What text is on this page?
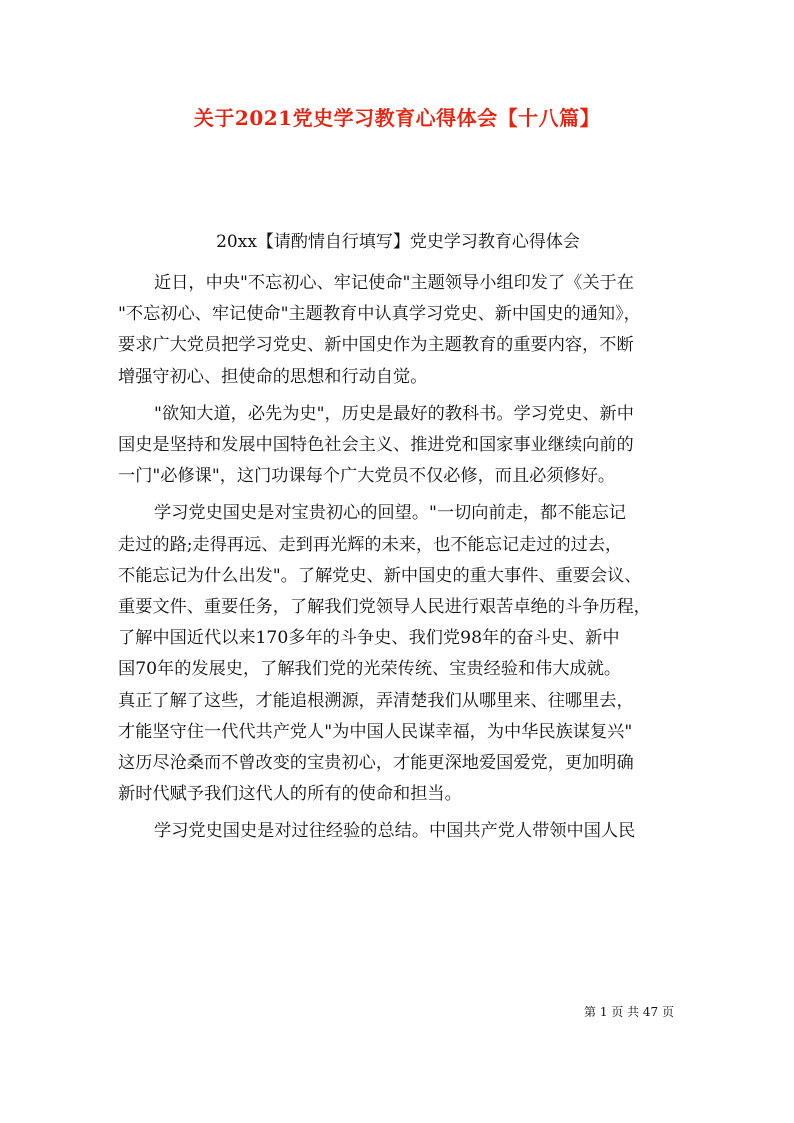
关于2021党史学习教育心得体会【十八篇】
20xx【请酌情自行填写】党史学习教育心得体会
近日，中央"不忘初心、牢记使命"主题领导小组印发了《关于在
"不忘初心、牢记使命"主题教育中认真学习党史、新中国史的通知》，
要求广大党员把学习党史、新中国史作为主题教育的重要内容，不断
增强守初心、担使命的思想和行动自觉。
"欲知大道，必先为史"，历史是最好的教科书。学习党史、新中
国史是坚持和发展中国特色社会主义、推进党和国家事业继续向前的
一门"必修课"，这门功课每个广大党员不仅必修，而且必须修好。
学习党史国史是对宝贵初心的回望。"一切向前走，都不能忘记
走过的路;走得再远、走到再光辉的未来，也不能忘记走过的过去，
不能忘记为什么出发"。了解党史、新中国史的重大事件、重要会议、
重要文件、重要任务，了解我们党领导人民进行艰苦卓绝的斗争历程，
了解中国近代以来170多年的斗争史、我们党98年的奋斗史、新中
国70年的发展史，了解我们党的光荣传统、宝贵经验和伟大成就。
真正了解了这些，才能追根溯源，弄清楚我们从哪里来、往哪里去，
才能坚守住一代代共产党人"为中国人民谋幸福，为中华民族谋复兴"
这历尽沧桑而不曾改变的宝贵初心，才能更深地爱国爱党，更加明确
新时代赋予我们这代人的所有的使命和担当。
学习党史国史是对过往经验的总结。中国共产党人带领中国人民
第 1 页 共 47 页
